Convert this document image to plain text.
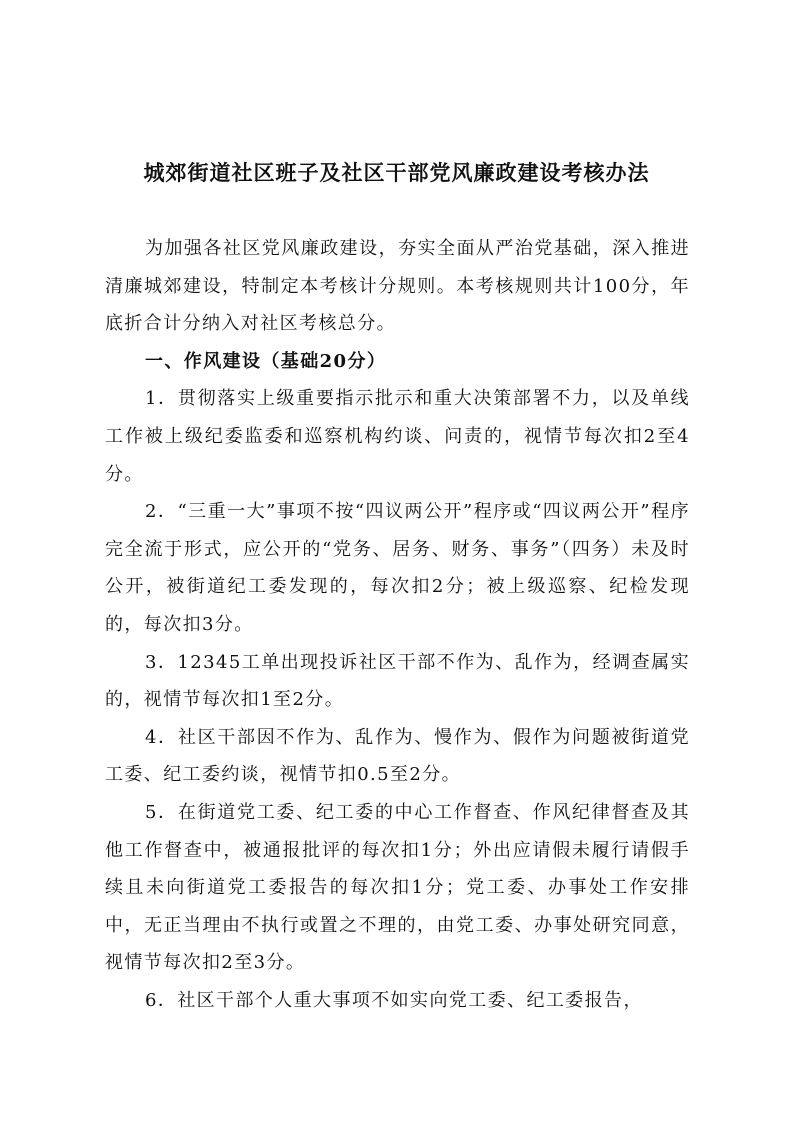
城郊街道社区班子及社区干部党风廉政建设考核办法

为加强各社区党风廉政建设，夯实全面从严治党基础，深入推进清廉城郊建设，特制定本考核计分规则。本考核规则共计100分，年底折合计分纳入对社区考核总分。

一、作风建设（基础20分）

1．贯彻落实上级重要指示批示和重大决策部署不力，以及单线工作被上级纪委监委和巡察机构约谈、问责的，视情节每次扣2至4分。

2．“三重一大”事项不按“四议两公开”程序或“四议两公开”程序完全流于形式，应公开的“党务、居务、财务、事务”（四务）未及时公开，被街道纪工委发现的，每次扣2分；被上级巡察、纪检发现的，每次扣3分。

3．12345工单出现投诉社区干部不作为、乱作为，经调查属实的，视情节每次扣1至2分。

4．社区干部因不作为、乱作为、慢作为、假作为问题被街道党工委、纪工委约谈，视情节扣0.5至2分。

5．在街道党工委、纪工委的中心工作督查、作风纪律督查及其他工作督查中，被通报批评的每次扣1分；外出应请假未履行请假手续且未向街道党工委报告的每次扣1分；党工委、办事处工作安排中，无正当理由不执行或置之不理的，由党工委、办事处研究同意，视情节每次扣2至3分。

6．社区干部个人重大事项不如实向党工委、纪工委报告，
